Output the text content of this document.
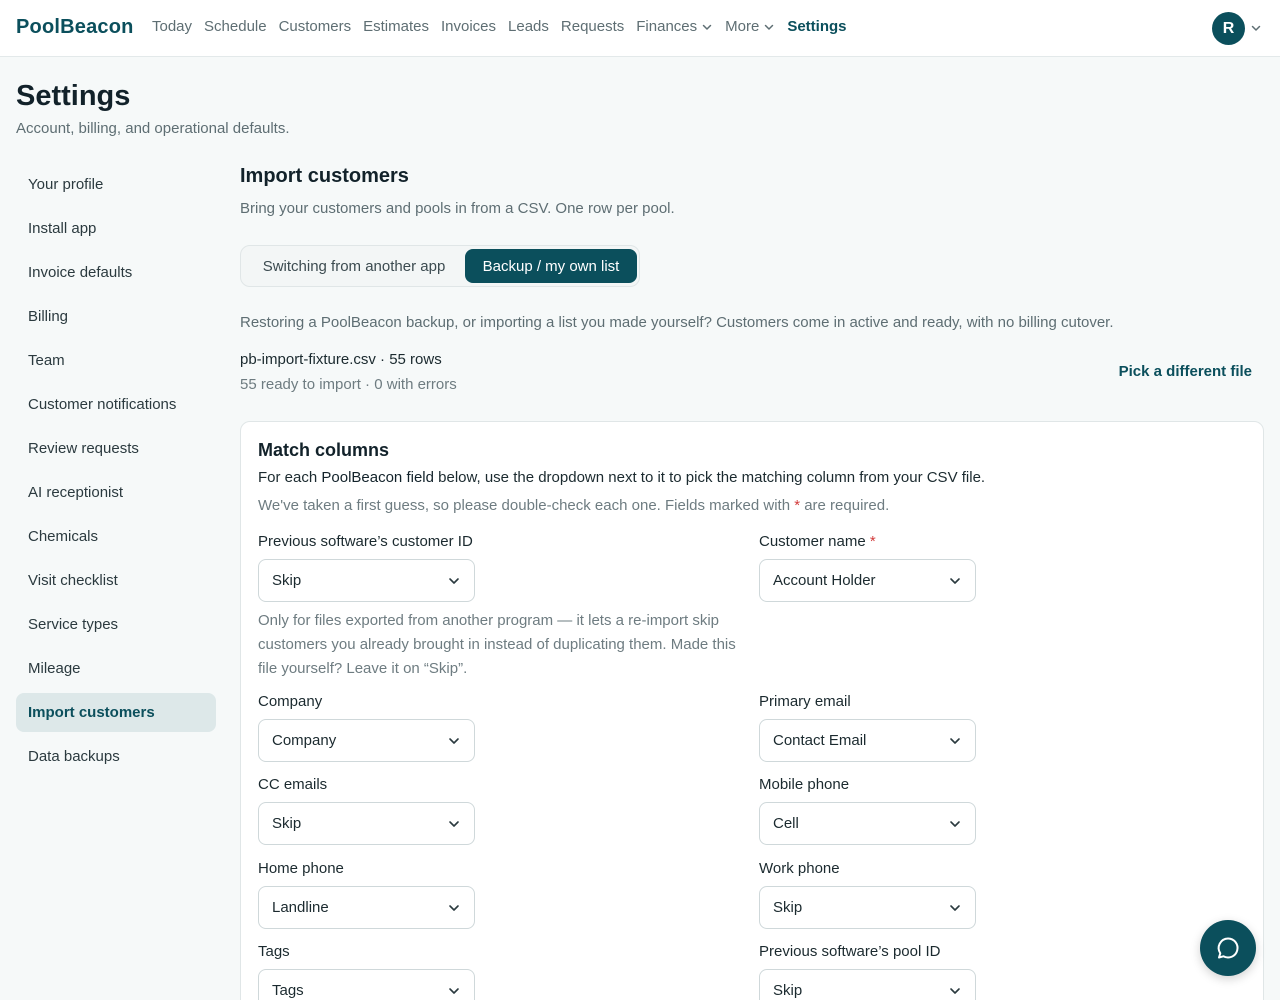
PoolBeacon Today Schedule Customers Estimates Invoices Leads Requests Finances More Settings	R
Settings
Account, billing, and operational defaults.
Your profile
Install app
Invoice defaults
Billing
Team
Customer notifications
Review requests
AI receptionist
Chemicals
Visit checklist
Service types
Mileage
Import customers
Data backups
Import customers
Bring your customers and pools in from a CSV. One row per pool.
Switching from another app	Backup / my own list
Restoring a PoolBeacon backup, or importing a list you made yourself? Customers come in active and ready, with no billing cutover.
pb-import-fixture.csv · 55 rows
55 ready to import · 0 with errors
Pick a different file
Match columns
For each PoolBeacon field below, use the dropdown next to it to pick the matching column from your CSV file.
We've taken a first guess, so please double-check each one. Fields marked with * are required.
Previous software’s customer ID
Skip
Only for files exported from another program — it lets a re-import skip customers you already brought in instead of duplicating them. Made this file yourself? Leave it on “Skip”.
Company
Company
CC emails
Skip
Home phone
Landline
Tags
Tags
Customer name *
Account Holder
Primary email
Contact Email
Mobile phone
Cell
Work phone
Skip
Previous software’s pool ID
Skip
